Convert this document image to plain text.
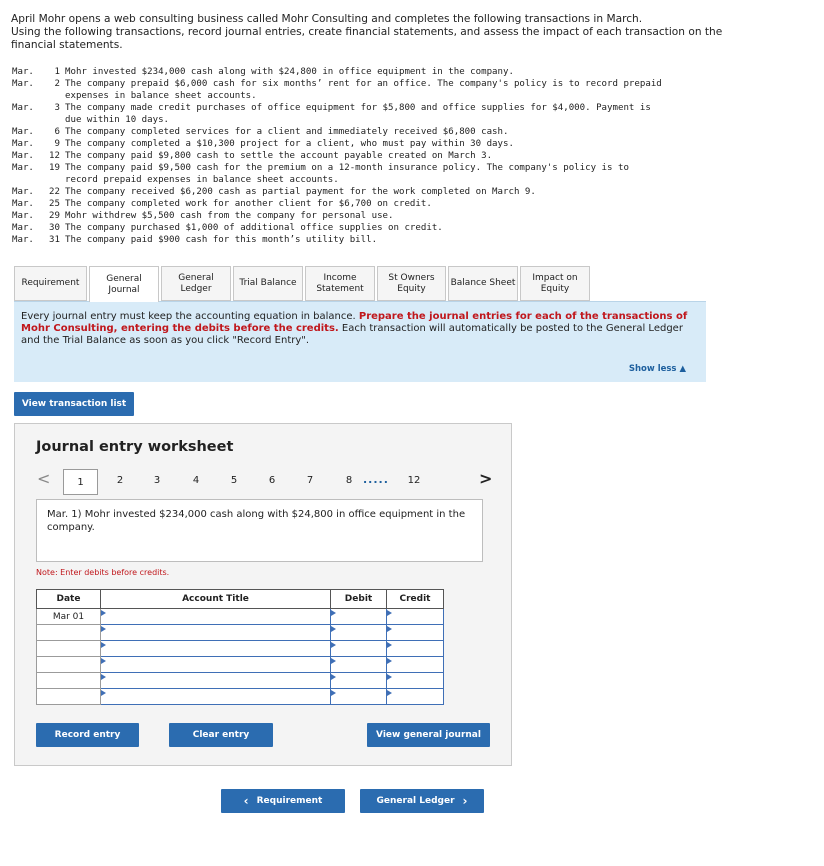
April Mohr opens a web consulting business called Mohr Consulting and completes the following transactions in March.
Using the following transactions, record journal entries, create financial statements, and assess the impact of each transaction on the
financial statements.
Mar.	1 Mohr invested $234,000 cash along with $24,800 in office equipment in the company.
Mar.	2 The company prepaid $6,000 cash for six months’ rent for an office. The company's policy is to record prepaid
expenses in balance sheet accounts.
Mar.	3 The company made credit purchases of office equipment for $5,800 and office supplies for $4,000. Payment is
due within 10 days.
Mar.	6 The company completed services for a client and immediately received $6,800 cash.
Mar.	9 The company completed a $10,300 project for a client, who must pay within 30 days.
Mar.	12 The company paid $9,800 cash to settle the account payable created on March 3.
Mar.	19 The company paid $9,500 cash for the premium on a 12-month insurance policy. The company's policy is to
record prepaid expenses in balance sheet accounts.
Mar.	22 The company received $6,200 cash as partial payment for the work completed on March 9.
Mar.	25 The company completed work for another client for $6,700 on credit.
Mar.	29 Mohr withdrew $5,500 cash from the company for personal use.
Mar.	30 The company purchased $1,000 of additional office supplies on credit.
Mar.	31 The company paid $900 cash for this month’s utility bill.
Requirement	General
Journal
General
Ledger
Trial Balance
Income
Statement
St Owners
Equity
Balance Sheet
Impact on
Equity
Every journal entry must keep the accounting equation in balance. Prepare the journal entries for each of the transactions of Mohr Consulting, entering the debits before the credits. Each transaction will automatically be posted to the General Ledger and the Trial Balance as soon as you click "Record Entry".
Show less ▲
View transaction list
Journal entry worksheet
<	1	2	3	4	5	6	7	8 ..... 12	>
Mar. 1) Mohr invested $234,000 cash along with $24,800 in office equipment in the company.
Note: Enter debits before credits.
Date	Account Title	Debit	Credit
Mar 01			

Record entry	Clear entry	View general journal
‹ Requirement	General Ledger ›
